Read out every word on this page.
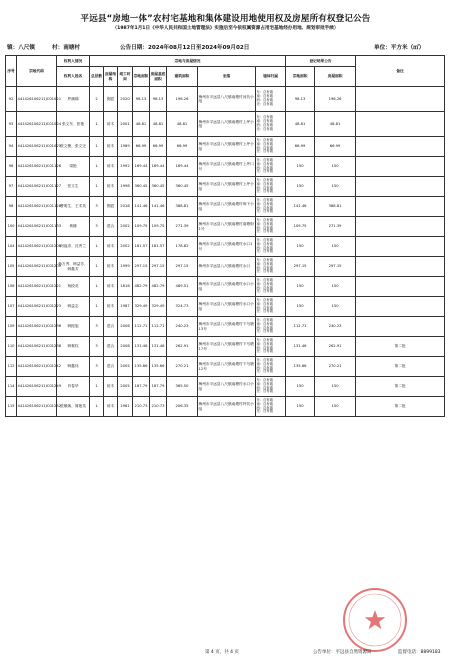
平远县“房地一体”农村宅基地和集体建设用地使用权及房屋所有权登记公告
（1987年1月1日《中华人民共和国土地管理法》实施后至今依权属资源占用宅基地经办用地、规划审批手续）
镇：八尺镇	村：南塘村	公告日期：2024年08月12日至2024年09月02日	单位：平方米（㎡）
序号	宗地代码	权利人情况	宗地与房屋情况								登记结果公告		备注
		权利人姓名	总层数	房屋结构	竣工时间	宗地面积	房屋基底面积	建筑面积	坐落	墙体归属	宗地面积	房屋面积	
92	441426106211JC01021	罗满娣	2	钢混	2020	98.13	98.13	196.26	梅州市平远县八尺镇南塘村河坑小组	东：自有墙
南：自有墙
西：自有墙
北：自有墙	98.13	196.26	
93	441426106211JC01024	张文东、张艳	1	砖木	2001	48.81	48.81	48.81	梅州市平远县八尺镇南塘村上坪小组	东：自有墙
南：自有墙
西：自有墙
北：自有墙	48.81	48.81	
94	441426106211JC01025	张文聚、张文迁	1	砖木	1989	66.99	66.99	66.99	梅州市平远县八尺镇南塘村上坪小组	东：自有墙
南：自有墙
西：自有墙
北：自有墙	66.99	66.99	
96	441426106211JC01126	梁艳	1	砖木	1992	169.44	169.44	169.44	梅州市平远县八尺镇南塘村上坪口号	东：自有墙
南：自有墙
西：自有墙
北：自有墙	150	150	
97	441426106211JC01127	张文生	1	砖木	1998	360.45	360.45	360.45	梅州市平远县八尺镇南塘村上坪小组	东：自有墙
南：自有墙
西：自有墙
北：自有墙	150	150	
98	441426106211JC01128	曹明生、王术英	3	钢混	2018	141.46	141.46	388.81	梅州市平远县八尺镇南塘村坳下小组	东：自有墙
南：自有墙
西：自有墙
北：自有墙	141.46	388.81	
100	441426106211JC01133	黄娜	3	混合	2002	109.75	109.75	271.39	梅州市平远县八尺镇南塘村南塘街1号	东：自有墙
南：自有墙
西：自有墙
北：自有墙	109.75	271.39	
104	441426106211JC01208	何福彦、沈秀兰	1	砖木	2002	181.57	181.57	178.82	梅州市平远县八尺镇南塘村水口1号	东：自有墙
南：自有墙
西：自有墙
北：自有墙	150	150	
105	441426106211JC01209	韩万秀、韩益芳、韩鑫芳	1	砖木	1999	297.15	297.15	297.15	梅州市平远县八尺镇南塘村水口	东：自有墙
南：自有墙
西：自有墙
北：自有墙	297.15	297.15	
106	441426106211JC01221	杨段英	1	砖木	1816	482.79	482.79	489.51	梅州市平远县八尺镇南塘村水口小组	东：自有墙
南：自有墙
西：自有墙
北：自有墙	150	150	
107	441426106211JC01223	韩益志	1	砖木	1987	329.49	329.49	324.73	梅州市平远县八尺镇南塘村水口小组	东：自有墙
南：自有墙
西：自有墙
北：自有墙	150	150	
109	441426106211JC01236	韩振旭	3	混合	2008	112.71	112.71	240.23	梅州市平远县八尺镇南塘村下马塘13号	东：自有墙
南：自有墙
西：自有墙
北：自有墙	112.71	240.23	
110	441426106211JC01238	韩秦权	3	混合	2008	131.46	131.46	262.91	梅州市平远县八尺镇南塘村下马塘17号	东：自有墙
南：自有墙
西：自有墙
北：自有墙	131.46	262.91	第二批
112	441426106211JC01242	韩鑫伟	3	混合	2005	135.66	135.66	270.21	梅州市平远县八尺镇南塘村下马塘12号	东：自有墙
南：自有墙
西：自有墙
北：自有墙	135.66	270.21	第二批
114	441426106211JC01249	肖春华	1	砖木	2005	187.79	187.79	365.50	梅州市平远县八尺镇南塘村水口小组	东：自有墙
南：自有墙
西：自有墙
北：自有墙	150	150	第二批
115	441426106211JC01252	张顺焕、简艳英	1	砖木	1961	210.73	210.73	206.35	梅州市平远县八尺镇南塘村坪坑小组	东：自有墙
南：自有墙
西：自有墙
北：自有墙	150	150	第二批
第 4 页，共 4 页	公告单位：平远县自然资源局	监督电话：8899183
